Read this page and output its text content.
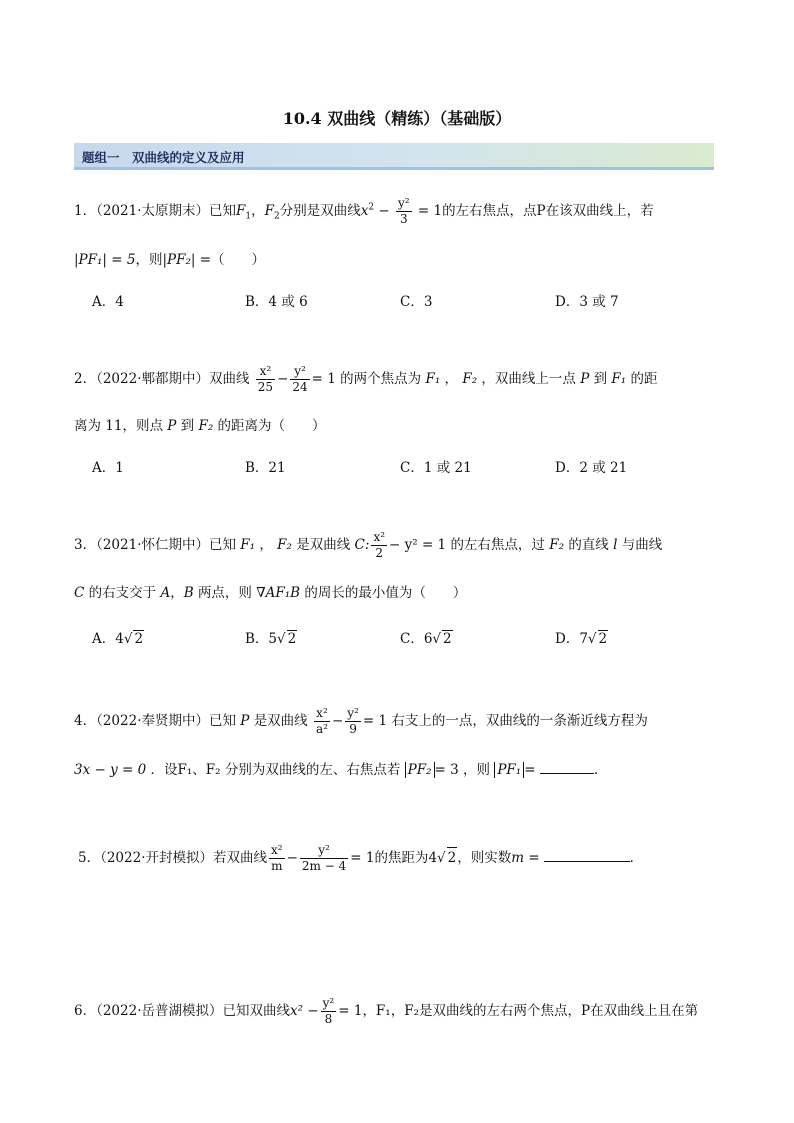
10.4 双曲线（精练）（基础版）
题组一　双曲线的定义及应用
1．（2021·太原期末）已知$F_1$，$F_2$分别是双曲线$x^2 - \frac{\text{y²}}{3} = 1$的左右焦点，点P在该双曲线上，若
|PF₁| = 5，则|PF₂| =（　　）
A．4	B．4 或 6	C．3	D．3 或 7
2．（2022·郫都期中）双曲线 $\frac{\text{x²}}{25} - \frac{\text{y²}}{24} = 1$ 的两个焦点为 F₁ ， F₂ ，双曲线上一点 P 到 F₁ 的距
离为 11，则点 P 到 F₂ 的距离为（　　）
A．1	B．21	C．1 或 21	D．2 或 21
3．（2021·怀仁期中）已知 F₁ ， F₂ 是双曲线 C: $\frac{\text{x²}}{2} - y^2 = 1$ 的左右焦点，过 F₂ 的直线 l 与曲线
C 的右支交于 A，B 两点，则 ∇AF₁B 的周长的最小值为（　　）
A．4√ 2	B．5√ 2	C．6√ 2	D．7√ 2
4．（2022·奉贤期中）已知 P 是双曲线 $\frac{\text{x²}}{\text{a²}} - \frac{\text{y²}}{9} = 1$ 右支上的一点，双曲线的一条渐近线方程为
3x − y = 0 ．设F₁、F₂ 分别为双曲线的左、右焦点若 PF₂ = 3 ，则 PF₁ =	.
5．（2022·开封模拟）若双曲线 $\frac{\text{x²}}{m} - \frac{\text{y²}}{2m - 4} = 1$的焦距为4√ 2，则实数m =	．
6．（2022·岳普湖模拟）已知双曲线$x^2 - \frac{\text{y²}}{8} = 1$，F₁，F₂是双曲线的左右两个焦点，P在双曲线上且在第
